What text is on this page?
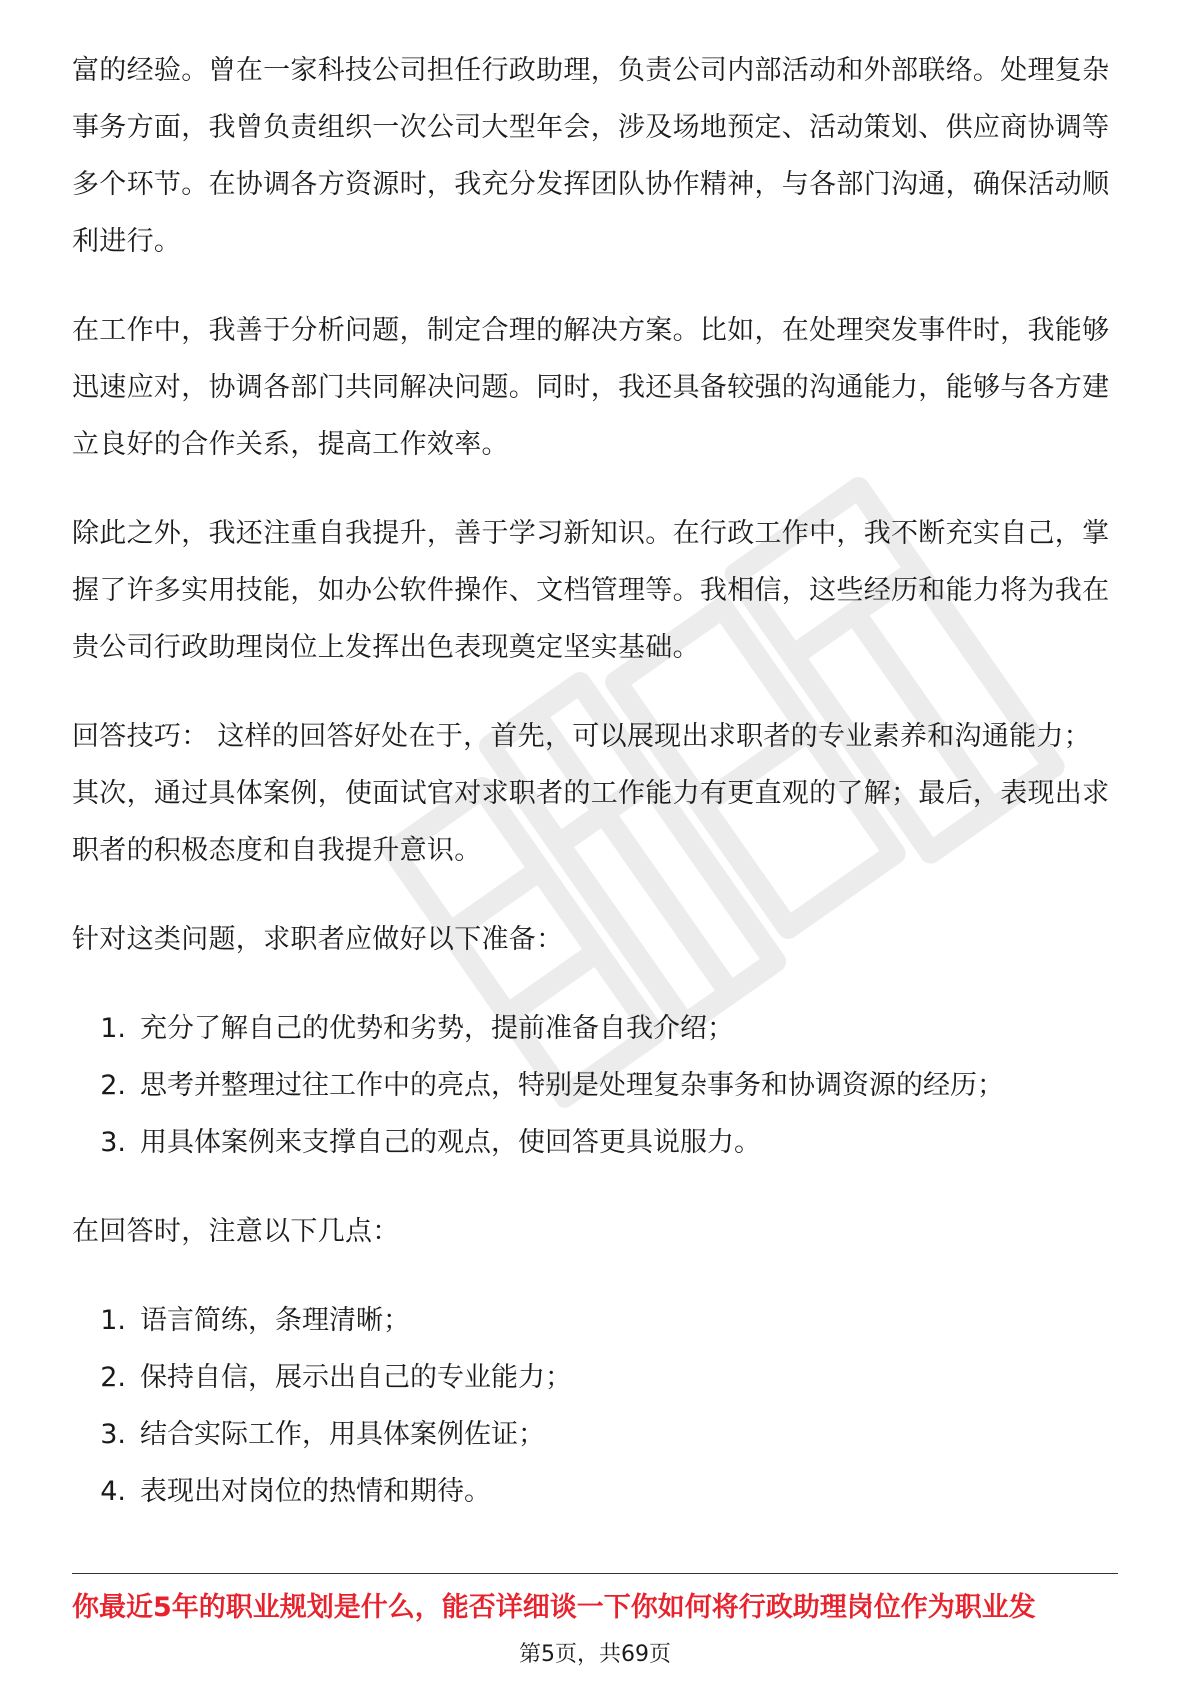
富的经验。曾在一家科技公司担任行政助理，负责公司内部活动和外部联络。处理复杂事务方面，我曾负责组织一次公司大型年会，涉及场地预定、活动策划、供应商协调等多个环节。在协调各方资源时，我充分发挥团队协作精神，与各部门沟通，确保活动顺利进行。

在工作中，我善于分析问题，制定合理的解决方案。比如，在处理突发事件时，我能够迅速应对，协调各部门共同解决问题。同时，我还具备较强的沟通能力，能够与各方建立良好的合作关系，提高工作效率。

除此之外，我还注重自我提升，善于学习新知识。在行政工作中，我不断充实自己，掌握了许多实用技能，如办公软件操作、文档管理等。我相信，这些经历和能力将为我在贵公司行政助理岗位上发挥出色表现奠定坚实基础。

回答技巧： 这样的回答好处在于，首先，可以展现出求职者的专业素养和沟通能力；其次，通过具体案例，使面试官对求职者的工作能力有更直观的了解；最后，表现出求职者的积极态度和自我提升意识。

针对这类问题，求职者应做好以下准备：

1. 充分了解自己的优势和劣势，提前准备自我介绍；
2. 思考并整理过往工作中的亮点，特别是处理复杂事务和协调资源的经历；
3. 用具体案例来支撑自己的观点，使回答更具说服力。

在回答时，注意以下几点：

1. 语言简练，条理清晰；
2. 保持自信，展示出自己的专业能力；
3. 结合实际工作，用具体案例佐证；
4. 表现出对岗位的热情和期待。
你最近5年的职业规划是什么，能否详细谈一下你如何将行政助理岗位作为职业发
第5页，共69页
